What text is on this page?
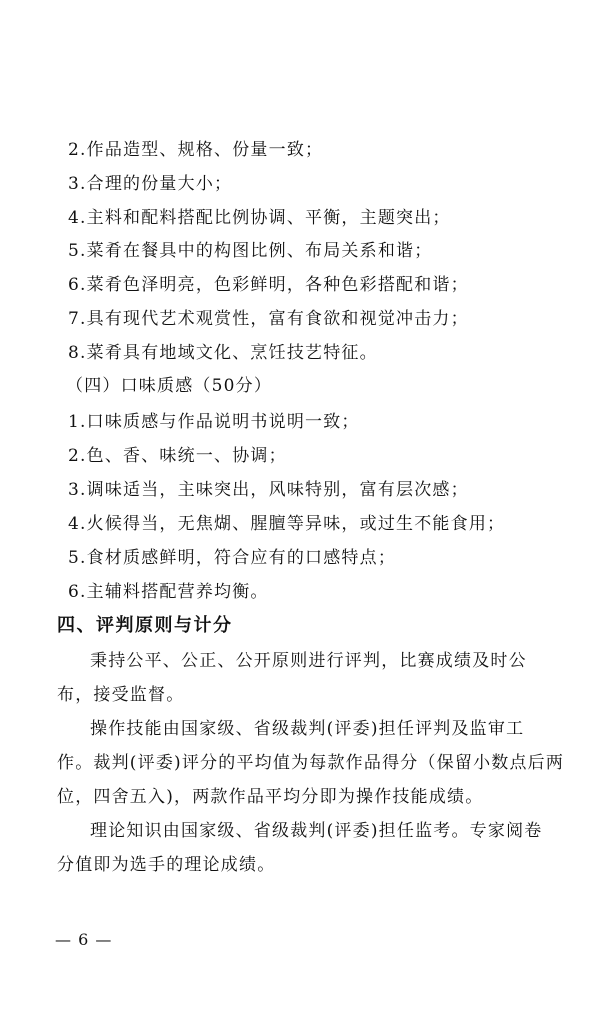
2.作品造型、规格、份量一致；
3.合理的份量大小；
4.主料和配料搭配比例协调、平衡，主题突出；
5.菜肴在餐具中的构图比例、布局关系和谐；
6.菜肴色泽明亮，色彩鲜明，各种色彩搭配和谐；
7.具有现代艺术观赏性，富有食欲和视觉冲击力；
8.菜肴具有地域文化、烹饪技艺特征。
（四）口味质感（50分）
1.口味质感与作品说明书说明一致；
2.色、香、味统一、协调；
3.调味适当，主味突出，风味特别，富有层次感；
4.火候得当，无焦煳、腥膻等异味，或过生不能食用；
5.食材质感鲜明，符合应有的口感特点；
6.主辅料搭配营养均衡。
四、评判原则与计分
秉持公平、公正、公开原则进行评判，比赛成绩及时公
布，接受监督。
操作技能由国家级、省级裁判(评委)担任评判及监审工
作。裁判(评委)评分的平均值为每款作品得分（保留小数点后两
位，四舍五入)，两款作品平均分即为操作技能成绩。
理论知识由国家级、省级裁判(评委)担任监考。专家阅卷
分值即为选手的理论成绩。
— 6 —
